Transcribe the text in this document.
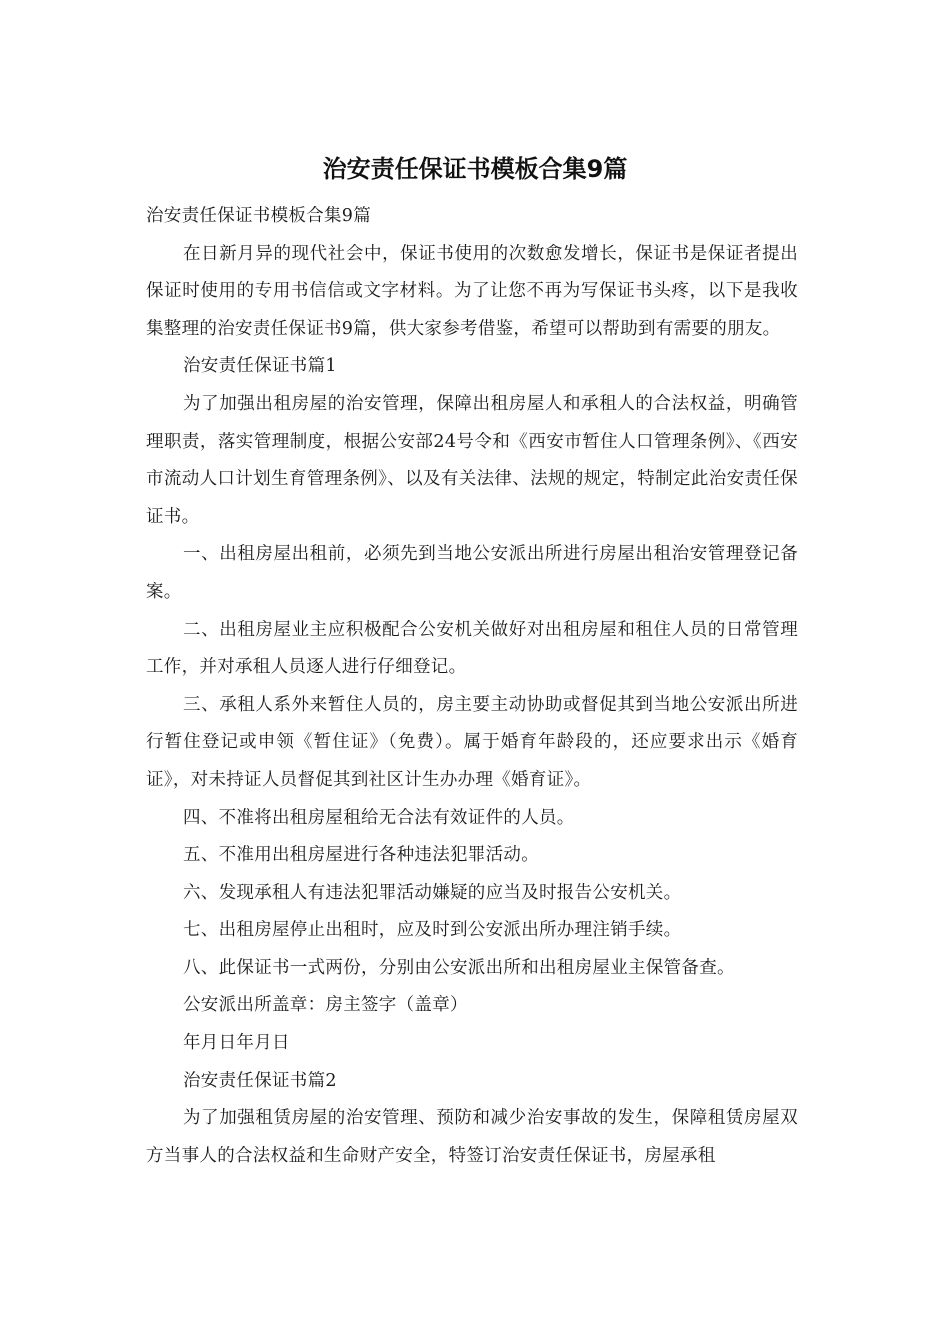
治安责任保证书模板合集9篇

治安责任保证书模板合集9篇

在日新月异的现代社会中，保证书使用的次数愈发增长，保证书是保证者提出保证时使用的专用书信信或文字材料。为了让您不再为写保证书头疼，以下是我收集整理的治安责任保证书9篇，供大家参考借鉴，希望可以帮助到有需要的朋友。

治安责任保证书篇1

为了加强出租房屋的治安管理，保障出租房屋人和承租人的合法权益，明确管理职责，落实管理制度，根据公安部24号令和《西安市暂住人口管理条例》、《西安市流动人口计划生育管理条例》、以及有关法律、法规的规定，特制定此治安责任保证书。

一、出租房屋出租前，必须先到当地公安派出所进行房屋出租治安管理登记备案。

二、出租房屋业主应积极配合公安机关做好对出租房屋和租住人员的日常管理工作，并对承租人员逐人进行仔细登记。

三、承租人系外来暂住人员的，房主要主动协助或督促其到当地公安派出所进行暂住登记或申领《暂住证》（免费）。属于婚育年龄段的，还应要求出示《婚育证》，对未持证人员督促其到社区计生办办理《婚育证》。

四、不准将出租房屋租给无合法有效证件的人员。

五、不准用出租房屋进行各种违法犯罪活动。

六、发现承租人有违法犯罪活动嫌疑的应当及时报告公安机关。

七、出租房屋停止出租时，应及时到公安派出所办理注销手续。

八、此保证书一式两份，分别由公安派出所和出租房屋业主保管备查。

公安派出所盖章：房主签字（盖章）

年月日年月日

治安责任保证书篇2

为了加强租赁房屋的治安管理、预防和减少治安事故的发生，保障租赁房屋双方当事人的合法权益和生命财产安全，特签订治安责任保证书，房屋承租
